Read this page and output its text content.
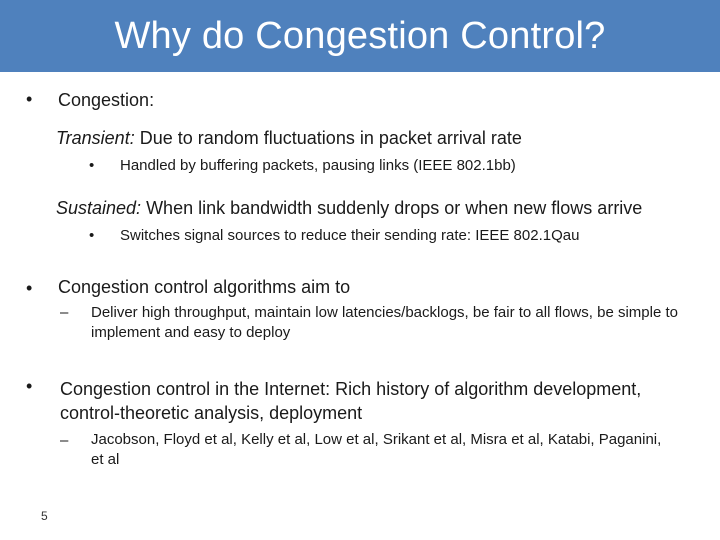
Why do Congestion Control?
• Congestion:
Transient: Due to random fluctuations in packet arrival rate
• Handled by buffering packets, pausing links (IEEE 802.1bb)
Sustained: When link bandwidth suddenly drops or when new flows arrive
• Switches signal sources to reduce their sending rate: IEEE 802.1Qau
• Congestion control algorithms aim to
– Deliver high throughput, maintain low latencies/backlogs, be fair to all flows, be simple to implement and easy to deploy
• Congestion control in the Internet: Rich history of algorithm development, control-theoretic analysis, deployment
– Jacobson, Floyd et al, Kelly et al, Low et al, Srikant et al, Misra et al, Katabi, Paganini, et al
5
